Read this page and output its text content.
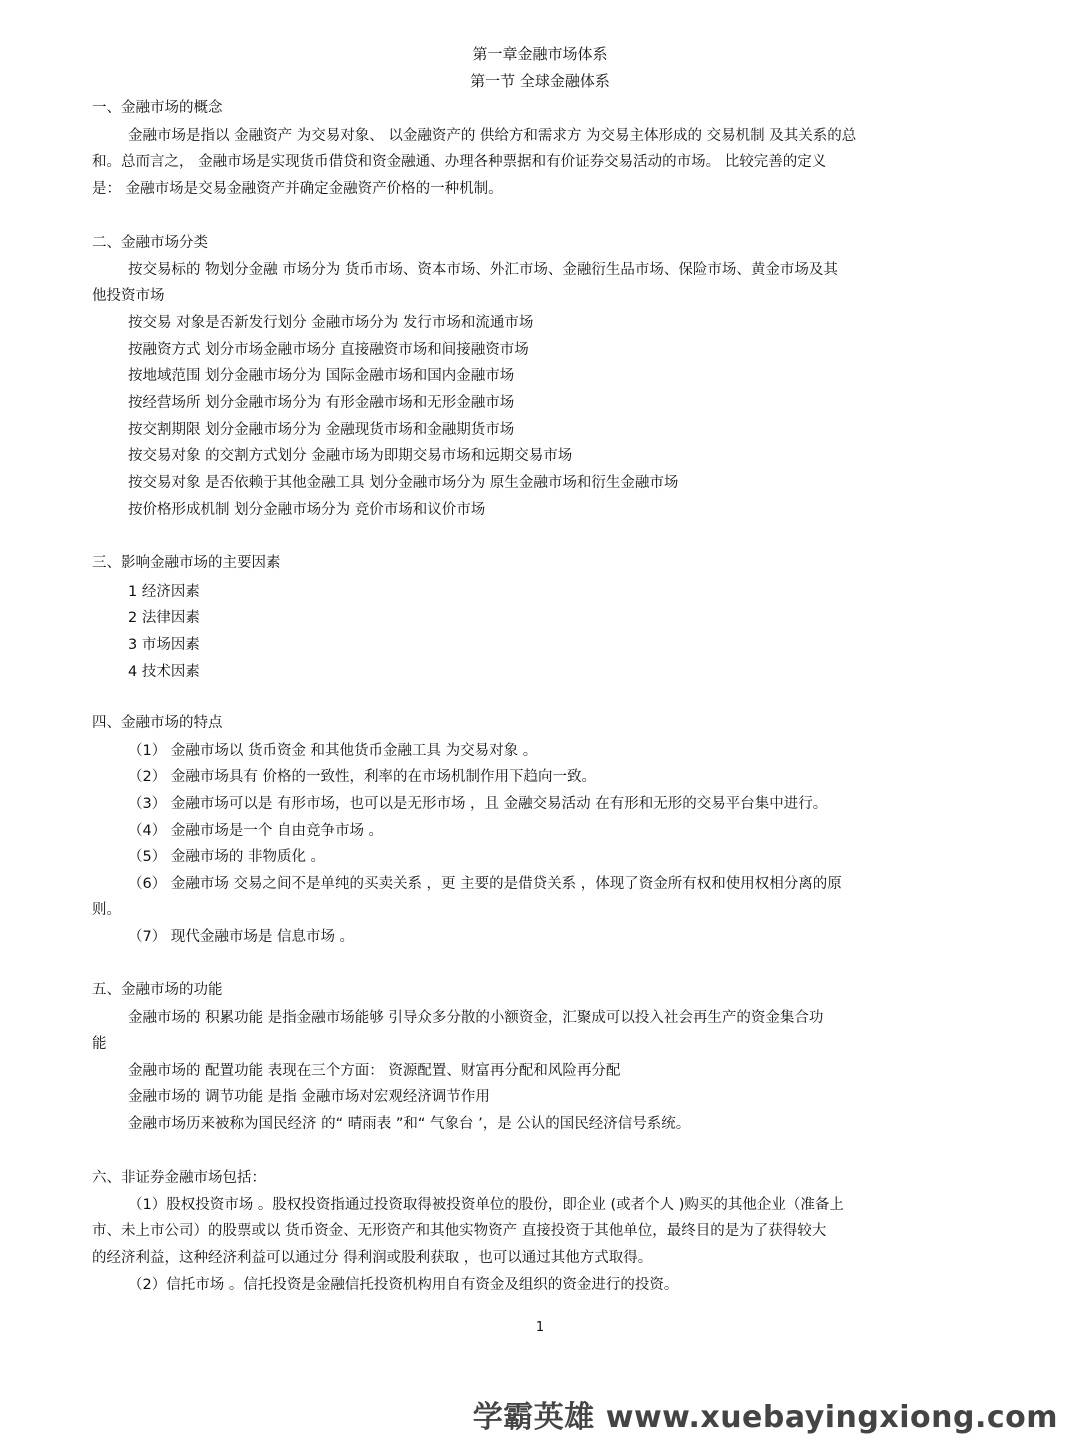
第一章金融市场体系
第一节 全球金融体系
一、金融市场的概念
金融市场是指以 金融资产 为交易对象、 以金融资产的 供给方和需求方 为交易主体形成的 交易机制 及其关系的总
和。总而言之， 金融市场是实现货币借贷和资金融通、办理各种票据和有价证券交易活动的市场。 比较完善的定义
是： 金融市场是交易金融资产并确定金融资产价格的一种机制。
二、金融市场分类
按交易标的 物划分金融 市场分为 货币市场、资本市场、外汇市场、金融衍生品市场、保险市场、黄金市场及其
他投资市场
按交易 对象是否新发行划分 金融市场分为 发行市场和流通市场
按融资方式 划分市场金融市场分 直接融资市场和间接融资市场
按地域范围 划分金融市场分为 国际金融市场和国内金融市场
按经营场所 划分金融市场分为 有形金融市场和无形金融市场
按交割期限 划分金融市场分为 金融现货市场和金融期货市场
按交易对象 的交割方式划分 金融市场为即期交易市场和远期交易市场
按交易对象 是否依赖于其他金融工具 划分金融市场分为 原生金融市场和衍生金融市场
按价格形成机制 划分金融市场分为 竞价市场和议价市场
三、影响金融市场的主要因素
1 经济因素
2 法律因素
3 市场因素
4 技术因素
四、金融市场的特点
（1） 金融市场以 货币资金 和其他货币金融工具 为交易对象 。
（2） 金融市场具有 价格的一致性，利率的在市场机制作用下趋向一致。
（3） 金融市场可以是 有形市场，也可以是无形市场 ，且 金融交易活动 在有形和无形的交易平台集中进行。
（4） 金融市场是一个 自由竞争市场 。
（5） 金融市场的 非物质化 。
（6） 金融市场 交易之间不是单纯的买卖关系 ，更 主要的是借贷关系 ，体现了资金所有权和使用权相分离的原
则。
（7） 现代金融市场是 信息市场 。
五、金融市场的功能
金融市场的 积累功能 是指金融市场能够 引导众多分散的小额资金，汇聚成可以投入社会再生产的资金集合功
能
金融市场的 配置功能 表现在三个方面： 资源配置、财富再分配和风险再分配
金融市场的 调节功能 是指 金融市场对宏观经济调节作用
金融市场历来被称为国民经济 的“ 晴雨表 ”和“ 气象台 ’，是 公认的国民经济信号系统。
六、非证券金融市场包括：
（1）股权投资市场 。股权投资指通过投资取得被投资单位的股份，即企业 (或者个人 )购买的其他企业（准备上
市、未上市公司）的股票或以 货币资金、无形资产和其他实物资产 直接投资于其他单位，最终目的是为了获得较大
的经济利益，这种经济利益可以通过分 得利润或股利获取 ，也可以通过其他方式取得。
（2）信托市场 。信托投资是金融信托投资机构用自有资金及组织的资金进行的投资。
1
学霸英雄 www.xuebayingxiong.com
